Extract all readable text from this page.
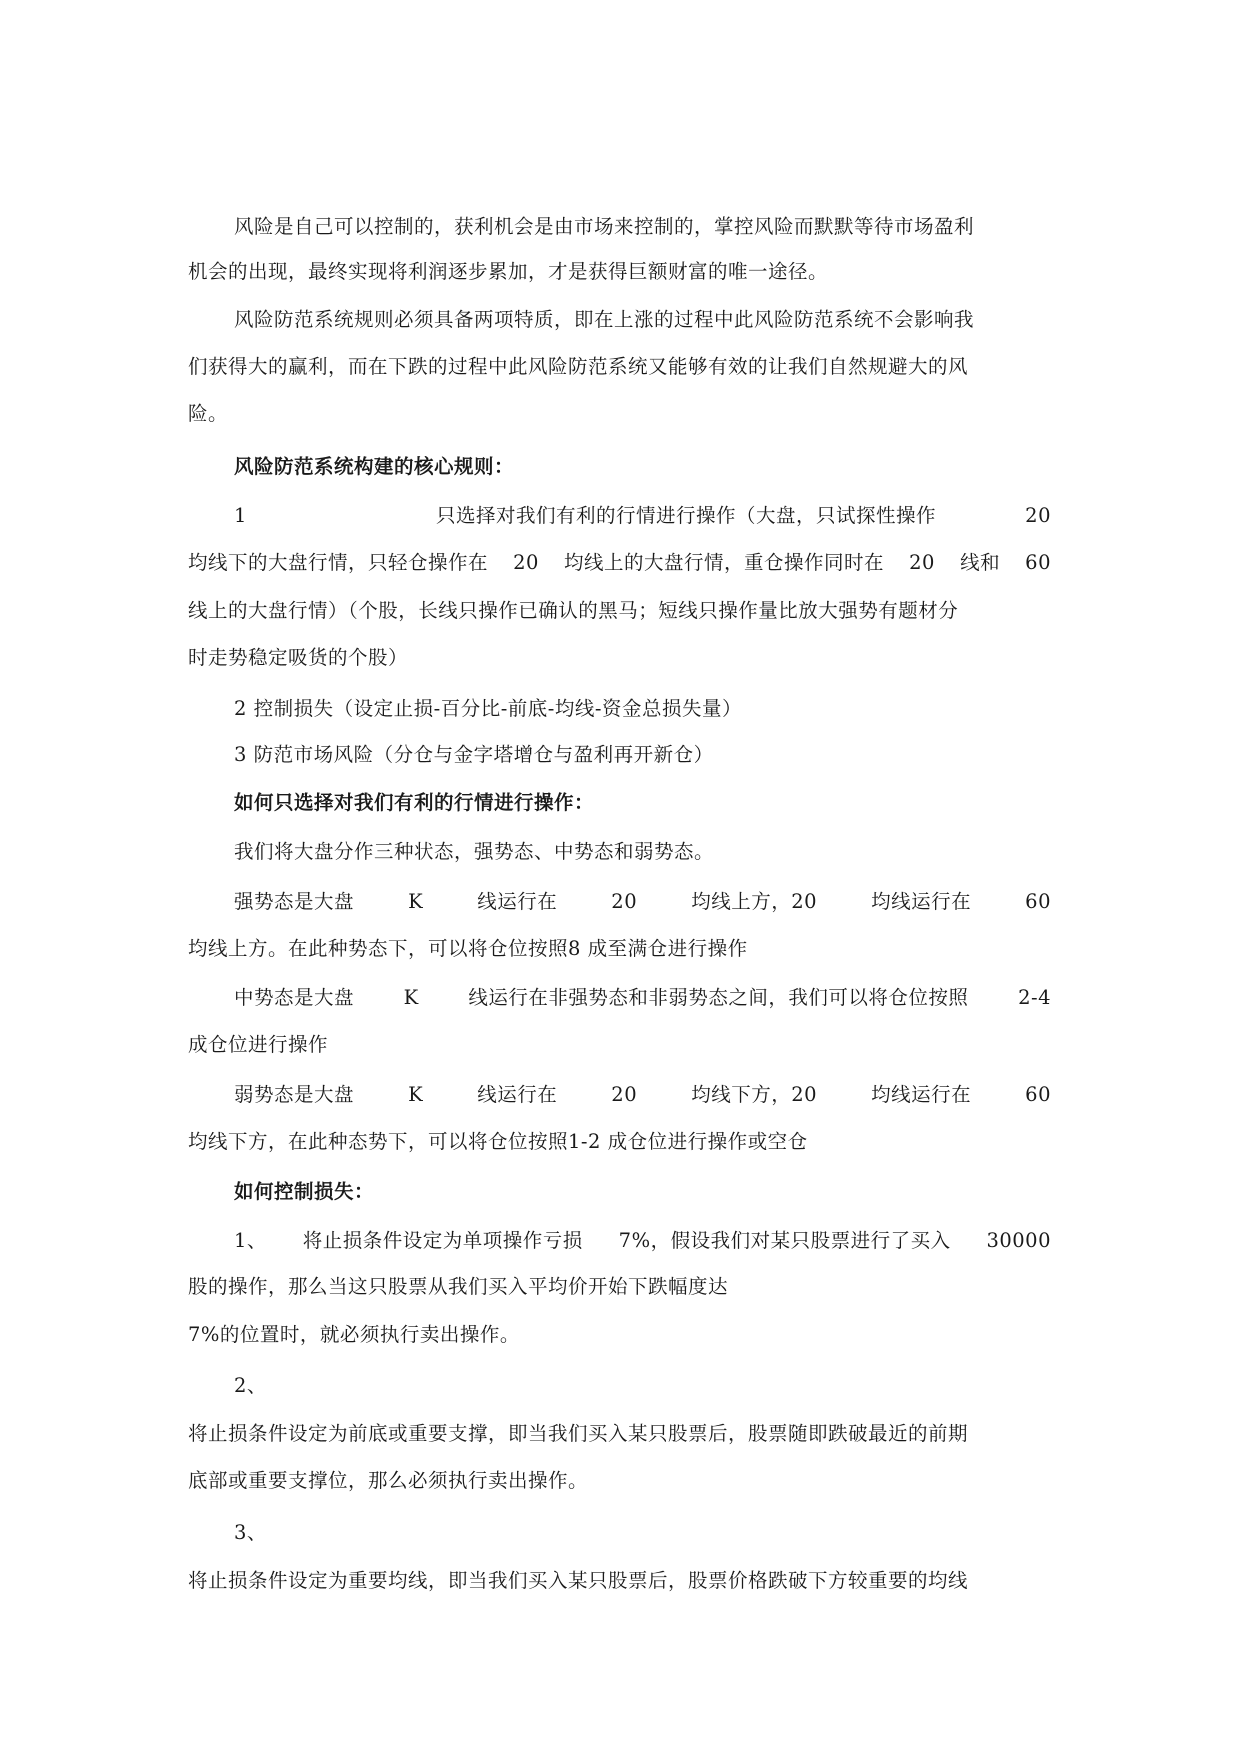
风险是自己可以控制的，获利机会是由市场来控制的，掌控风险而默默等待市场盈利
机会的出现，最终实现将利润逐步累加，才是获得巨额财富的唯一途径。
风险防范系统规则必须具备两项特质，即在上涨的过程中此风险防范系统不会影响我
们获得大的赢利，而在下跌的过程中此风险防范系统又能够有效的让我们自然规避大的风
险。
风险防范系统构建的核心规则：
1	只选择对我们有利的行情进行操作（大盘，只试探性操作	20
均线下的大盘行情，只轻仓操作在 20 均线上的大盘行情，重仓操作同时在 20 线和 60
线上的大盘行情）（个股，长线只操作已确认的黑马；短线只操作量比放大强势有题材分
时走势稳定吸货的个股）
2 控制损失（设定止损-百分比-前底-均线-资金总损失量）
3 防范市场风险（分仓与金字塔增仓与盈利再开新仓）
如何只选择对我们有利的行情进行操作：
我们将大盘分作三种状态，强势态、中势态和弱势态。
强势态是大盘	K	线运行在	20	均线上方，20	均线运行在	60
均线上方。在此种势态下，可以将仓位按照8 成至满仓进行操作
中势态是大盘	K	线运行在非强势态和非弱势态之间，我们可以将仓位按照	2-4
成仓位进行操作
弱势态是大盘	K	线运行在	20	均线下方，20	均线运行在	60
均线下方，在此种态势下，可以将仓位按照1-2 成仓位进行操作或空仓
如何控制损失：
1、 将止损条件设定为单项操作亏损 7%，假设我们对某只股票进行了买入 30000
股的操作，那么当这只股票从我们买入平均价开始下跌幅度达
7%的位置时，就必须执行卖出操作。
2、
将止损条件设定为前底或重要支撑，即当我们买入某只股票后，股票随即跌破最近的前期
底部或重要支撑位，那么必须执行卖出操作。
3、
将止损条件设定为重要均线，即当我们买入某只股票后，股票价格跌破下方较重要的均线
